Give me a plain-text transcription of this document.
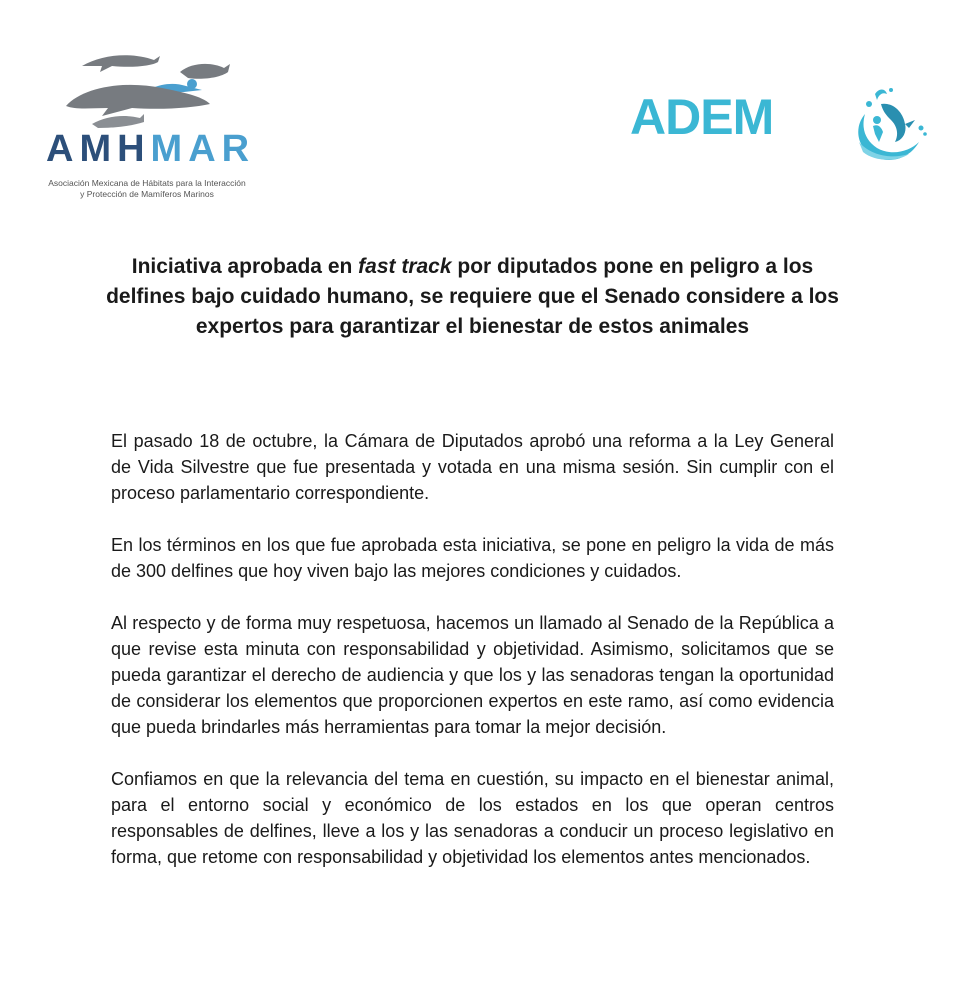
AMHMAR
Asociación Mexicana de Hábitats para la Interacción
y Protección de Mamíferos Marinos
ADEM
Iniciativa aprobada en fast track por diputados pone en peligro a los delfines bajo cuidado humano, se requiere que el Senado considere a los expertos para garantizar el bienestar de estos animales

El pasado 18 de octubre, la Cámara de Diputados aprobó una reforma a la Ley General de Vida Silvestre que fue presentada y votada en una misma sesión. Sin cumplir con el proceso parlamentario correspondiente.

En los términos en los que fue aprobada esta iniciativa, se pone en peligro la vida de más de 300 delfines que hoy viven bajo las mejores condiciones y cuidados.

Al respecto y de forma muy respetuosa, hacemos un llamado al Senado de la República a que revise esta minuta con responsabilidad y objetividad. Asimismo, solicitamos que se pueda garantizar el derecho de audiencia y que los y las senadoras tengan la oportunidad de considerar los elementos que proporcionen expertos en este ramo, así como evidencia que pueda brindarles más herramientas para tomar la mejor decisión.

Confiamos en que la relevancia del tema en cuestión, su impacto en el bienestar animal, para el entorno social y económico de los estados en los que operan centros responsables de delfines, lleve a los y las senadoras a conducir un proceso legislativo en forma, que retome con responsabilidad y objetividad los elementos antes mencionados.
